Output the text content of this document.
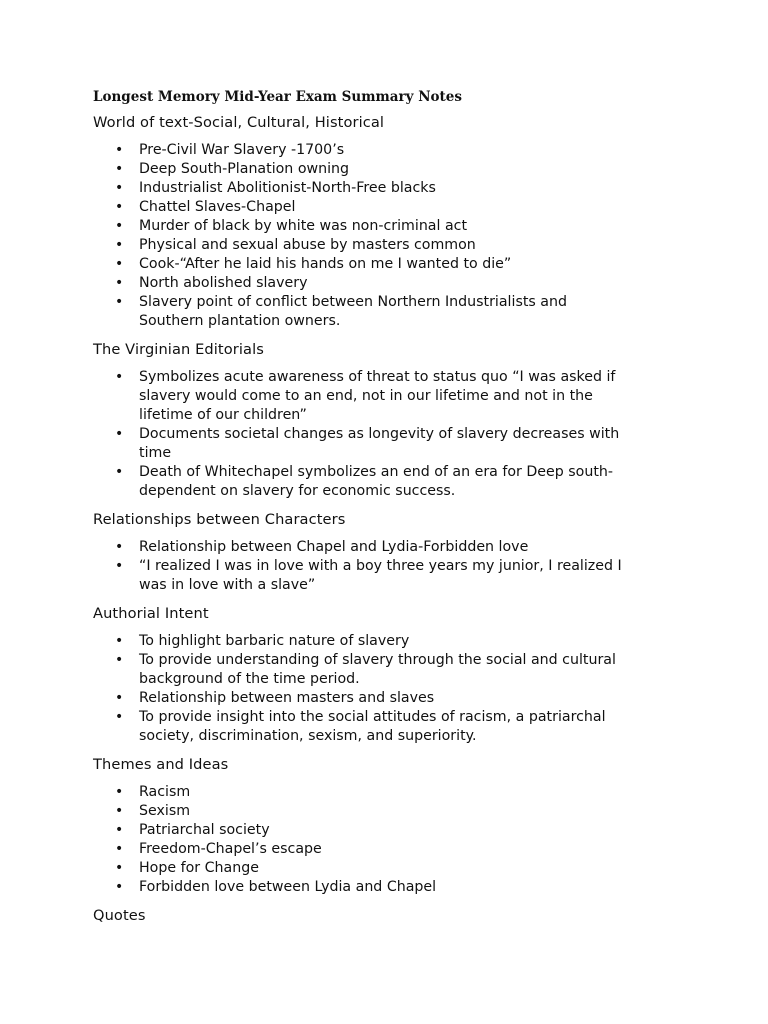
Longest Memory Mid-Year Exam Summary Notes
World of text-Social, Cultural, Historical
• Pre-Civil War Slavery -1700’s
• Deep South-Planation owning
• Industrialist Abolitionist-North-Free blacks
• Chattel Slaves-Chapel
• Murder of black by white was non-criminal act
• Physical and sexual abuse by masters common
• Cook-“After he laid his hands on me I wanted to die”
• North abolished slavery
• Slavery point of conflict between Northern Industrialists and
Southern plantation owners.
The Virginian Editorials
• Symbolizes acute awareness of threat to status quo “I was asked if
slavery would come to an end, not in our lifetime and not in the
lifetime of our children”
• Documents societal changes as longevity of slavery decreases with
time
• Death of Whitechapel symbolizes an end of an era for Deep south-
dependent on slavery for economic success.
Relationships between Characters
• Relationship between Chapel and Lydia-Forbidden love
• “I realized I was in love with a boy three years my junior, I realized I
was in love with a slave”
Authorial Intent
• To highlight barbaric nature of slavery
• To provide understanding of slavery through the social and cultural
background of the time period.
• Relationship between masters and slaves
• To provide insight into the social attitudes of racism, a patriarchal
society, discrimination, sexism, and superiority.
Themes and Ideas
• Racism
• Sexism
• Patriarchal society
• Freedom-Chapel’s escape
• Hope for Change
• Forbidden love between Lydia and Chapel
Quotes
